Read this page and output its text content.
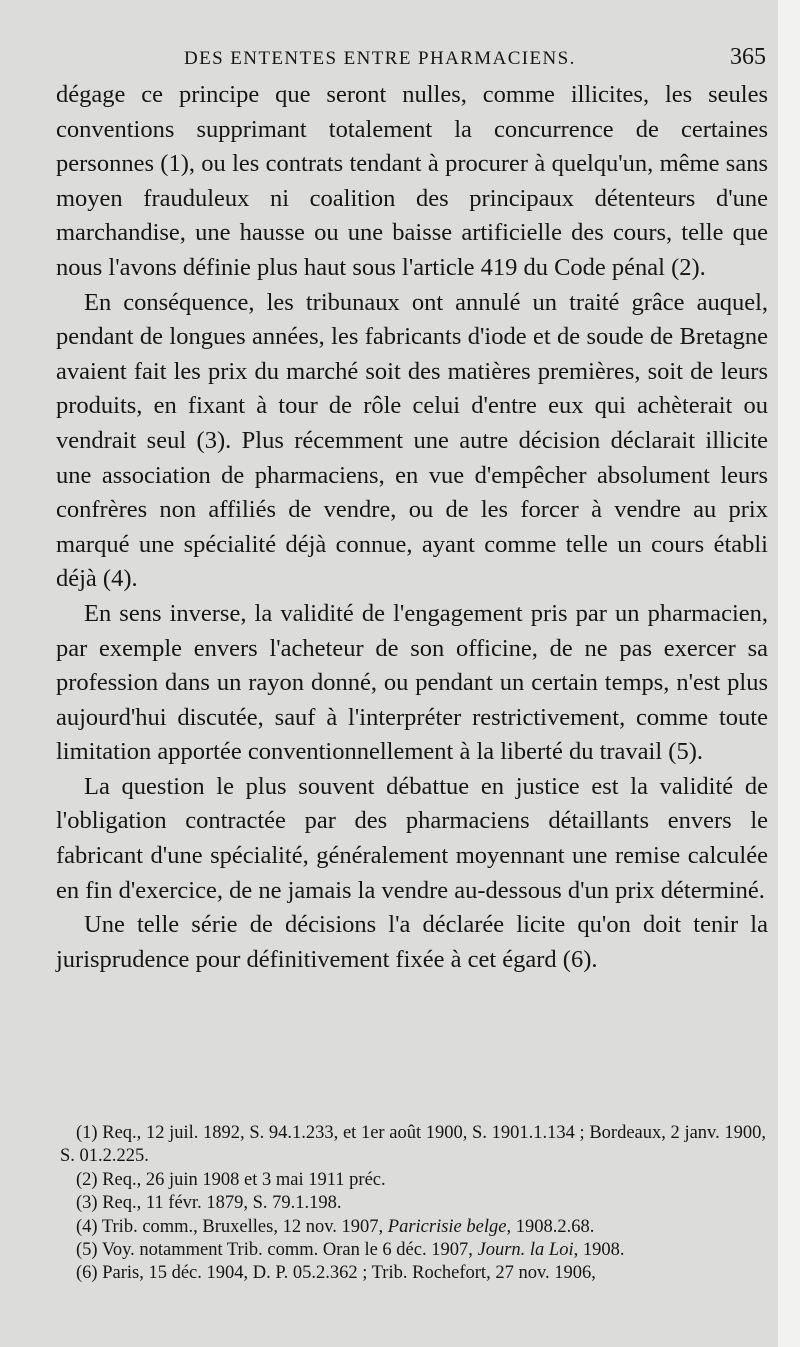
DES ENTENTES ENTRE PHARMACIENS.	365

dégage ce principe que seront nulles, comme illicites, les seules conventions supprimant totalement la concurrence de certaines personnes (1), ou les contrats tendant à procurer à quelqu'un, même sans moyen frauduleux ni coalition des principaux détenteurs d'une marchandise, une hausse ou une baisse artificielle des cours, telle que nous l'avons définie plus haut sous l'article 419 du Code pénal (2).

En conséquence, les tribunaux ont annulé un traité grâce auquel, pendant de longues années, les fabricants d'iode et de soude de Bretagne avaient fait les prix du marché soit des matières premières, soit de leurs produits, en fixant à tour de rôle celui d'entre eux qui achèterait ou vendrait seul (3). Plus récemment une autre décision déclarait illicite une association de pharmaciens, en vue d'empêcher absolument leurs confrères non affiliés de vendre, ou de les forcer à vendre au prix marqué une spécialité déjà connue, ayant comme telle un cours établi déjà (4).

En sens inverse, la validité de l'engagement pris par un pharmacien, par exemple envers l'acheteur de son officine, de ne pas exercer sa profession dans un rayon donné, ou pendant un certain temps, n'est plus aujourd'hui discutée, sauf à l'interpréter restrictivement, comme toute limitation apportée conventionnellement à la liberté du travail (5).

La question le plus souvent débattue en justice est la validité de l'obligation contractée par des pharmaciens détaillants envers le fabricant d'une spécialité, généralement moyennant une remise calculée en fin d'exercice, de ne jamais la vendre au-dessous d'un prix déterminé.

Une telle série de décisions l'a déclarée licite qu'on doit tenir la jurisprudence pour définitivement fixée à cet égard (6).

(1) Req., 12 juil. 1892, S. 94.1.233, et 1er août 1900, S. 1901.1.134 ; Bordeaux, 2 janv. 1900, S. 01.2.225.

(2) Req., 26 juin 1908 et 3 mai 1911 préc.

(3) Req., 11 févr. 1879, S. 79.1.198.

(4) Trib. comm., Bruxelles, 12 nov. 1907, Paricrisie belge, 1908.2.68.

(5) Voy. notamment Trib. comm. Oran le 6 déc. 1907, Journ. la Loi, 1908.

(6) Paris, 15 déc. 1904, D. P. 05.2.362 ; Trib. Rochefort, 27 nov. 1906,
